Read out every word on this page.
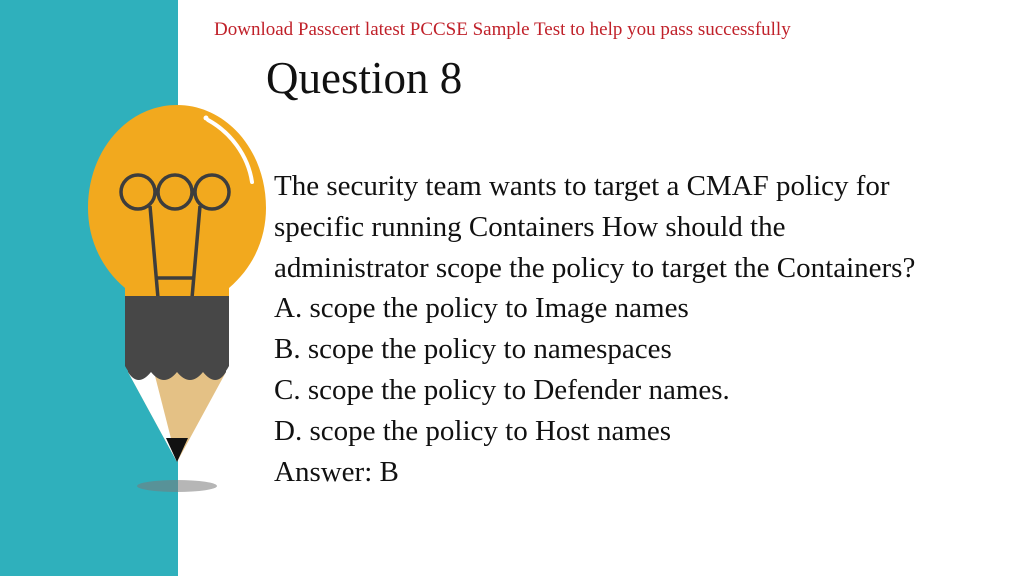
Download Passcert latest PCCSE Sample Test to help you pass successfully
Question 8
The security team wants to target a CMAF policy for
specific running Containers How should the
administrator scope the policy to target the Containers?
A. scope the policy to Image names
B. scope the policy to namespaces
C. scope the policy to Defender names.
D. scope the policy to Host names
Answer: B
